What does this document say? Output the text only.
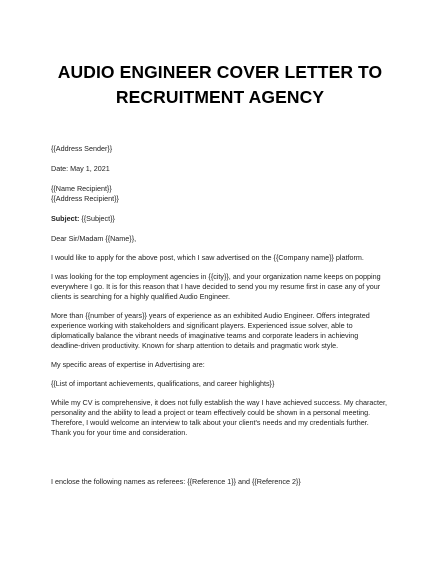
AUDIO ENGINEER COVER LETTER TO
RECRUITMENT AGENCY

{{Address Sender}}

Date: May 1, 2021

{{Name Recipient}}

{{Address Recipient}}

Subject: {{Subject}}

Dear Sir/Madam {{Name}},

I would like to apply for the above post, which I saw advertised on the {{Company name}} platform.

I was looking for the top employment agencies in {{city}}, and your organization name keeps on popping

everywhere I go. It is for this reason that I have decided to send you my resume first in case any of your

clients is searching for a highly qualified Audio Engineer.

More than {{number of years}} years of experience as an exhibited Audio Engineer. Offers integrated

experience working with stakeholders and significant players. Experienced issue solver, able to

diplomatically balance the vibrant needs of imaginative teams and corporate leaders in achieving

deadline-driven productivity. Known for sharp attention to details and pragmatic work style.

My specific areas of expertise in Advertising are:

{{List of important achievements, qualifications, and career highlights}}

While my CV is comprehensive, it does not fully establish the way I have achieved success. My character,

personality and the ability to lead a project or team effectively could be shown in a personal meeting.

Therefore, I would welcome an interview to talk about your client's needs and my credentials further.

Thank you for your time and consideration.

I enclose the following names as referees: {{Reference 1}} and {{Reference 2}}
